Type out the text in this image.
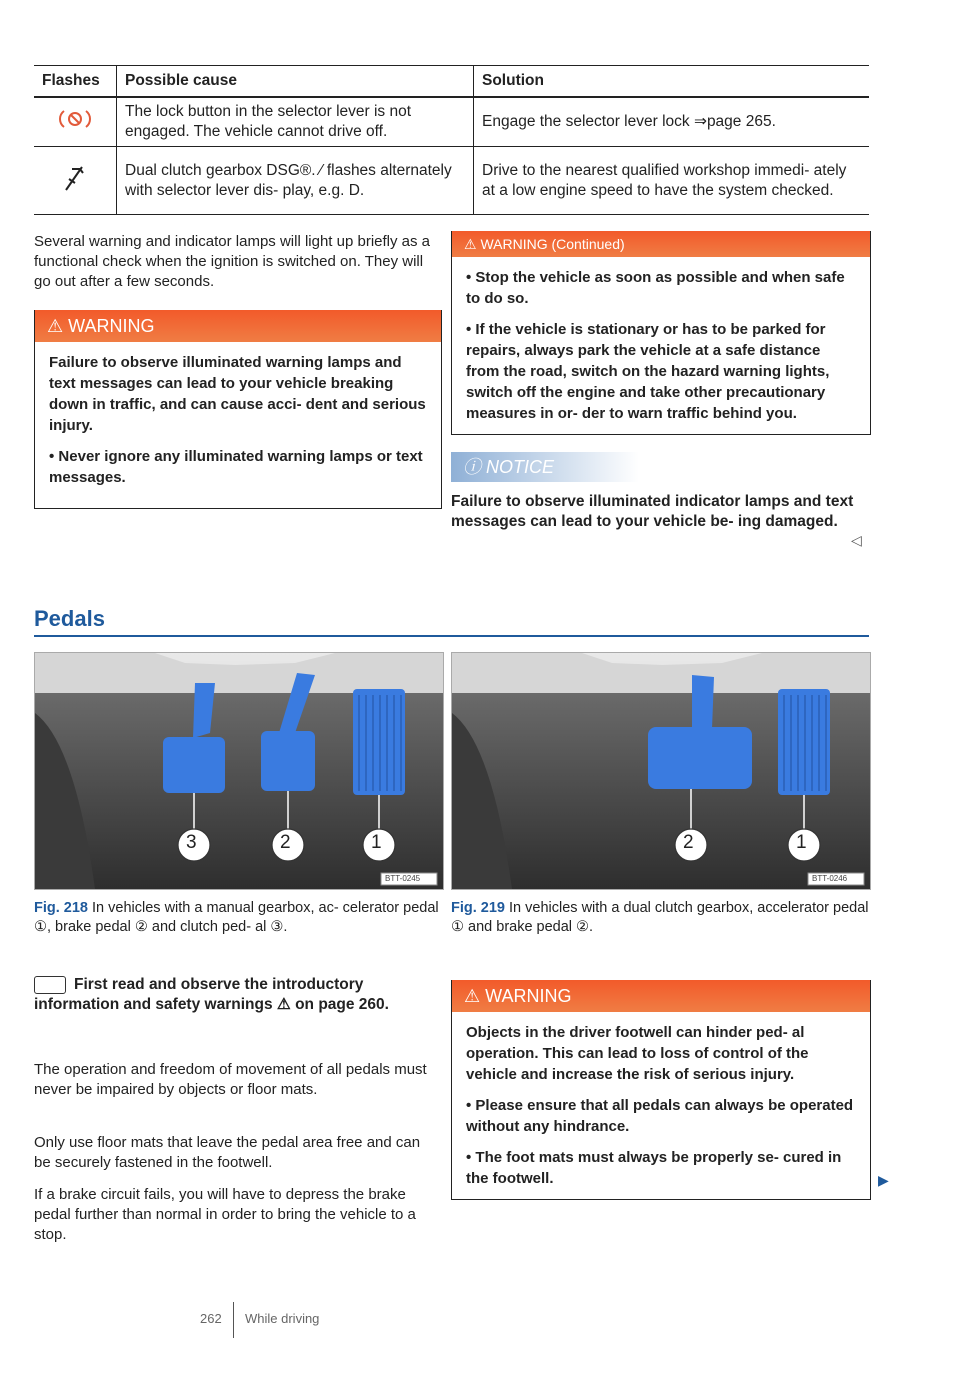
Flashes	Possible cause	Solution
	The lock button in the selector lever is not engaged. The vehicle cannot drive off.	Engage the selector lever lock ⇒page 265.
	Dual clutch gearbox DSG®. ⁄ flashes alternately with selector lever dis- play, e.g. D.	Drive to the nearest qualified workshop immedi- ately at a low engine speed to have the system checked.
Several warning and indicator lamps will light up briefly as a functional check when the ignition is switched on. They will go out after a few seconds.
⚠ WARNING

Failure to observe illuminated warning lamps and text messages can lead to your vehicle breaking down in traffic, and can cause acci- dent and serious injury.

• Never ignore any illuminated warning lamps or text messages.

⚠ WARNING (Continued)

• Stop the vehicle as soon as possible and when safe to do so.

• If the vehicle is stationary or has to be parked for repairs, always park the vehicle at a safe distance from the road, switch on the hazard warning lights, switch off the engine and take other precautionary measures in or- der to warn traffic behind you.

ⓘ NOTICE
Failure to observe illuminated indicator lamps and text messages can lead to your vehicle be- ing damaged.
◁
Pedals
3	2	1
BTT-0245
Fig. 218 In vehicles with a manual gearbox, ac- celerator pedal ①, brake pedal ② and clutch ped- al ③.
2	1
BTT-0246
Fig. 219 In vehicles with a dual clutch gearbox, accelerator pedal ① and brake pedal ②.
First read and observe the introductory information and safety warnings ⚠ on page 260.
The operation and freedom of movement of all pedals must never be impaired by objects or floor mats.
Only use floor mats that leave the pedal area free and can be securely fastened in the footwell.
If a brake circuit fails, you will have to depress the brake pedal further than normal in order to bring the vehicle to a stop.
⚠ WARNING

Objects in the driver footwell can hinder ped- al operation. This can lead to loss of control of the vehicle and increase the risk of serious injury.

• Please ensure that all pedals can always be operated without any hindrance.

• The foot mats must always be properly se- cured in the footwell.	▶
262 While driving
